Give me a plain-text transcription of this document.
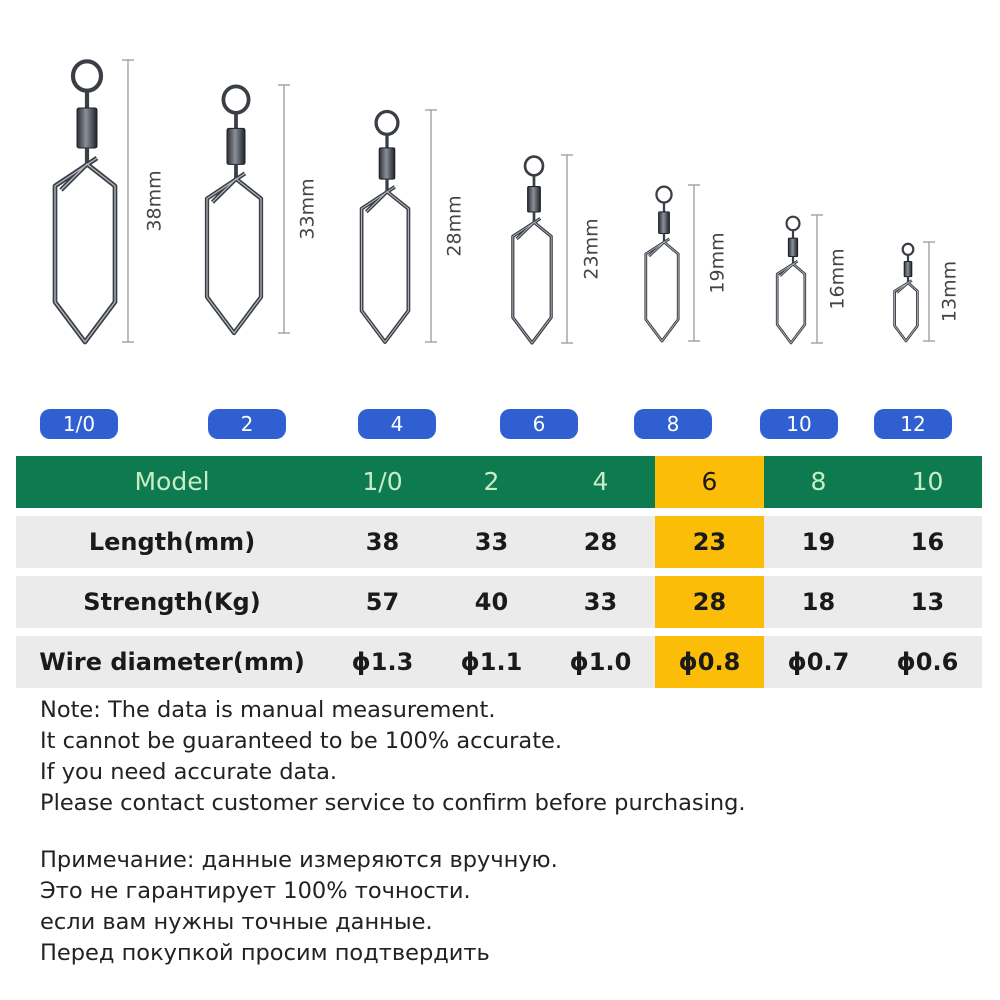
38mm	33mm	28mm	23mm	19mm	16mm	13mm
1/0	2	4	6	8	10	12
Model	1/0	2	4	6	8	10
Length(mm)	38	33	28	23	19	16
Strength(Kg)	57	40	33	28	18	13
Wire diameter(mm)	ϕ1.3	ϕ1.1	ϕ1.0	ϕ0.8	ϕ0.7	ϕ0.6
Note: The data is manual measurement.
It cannot be guaranteed to be 100% accurate.
If you need accurate data.
Please contact customer service to confirm before purchasing.
Примечание: данные измеряются вручную.
Это не гарантирует 100% точности.
если вам нужны точные данные.
Перед покупкой просим подтвердить
